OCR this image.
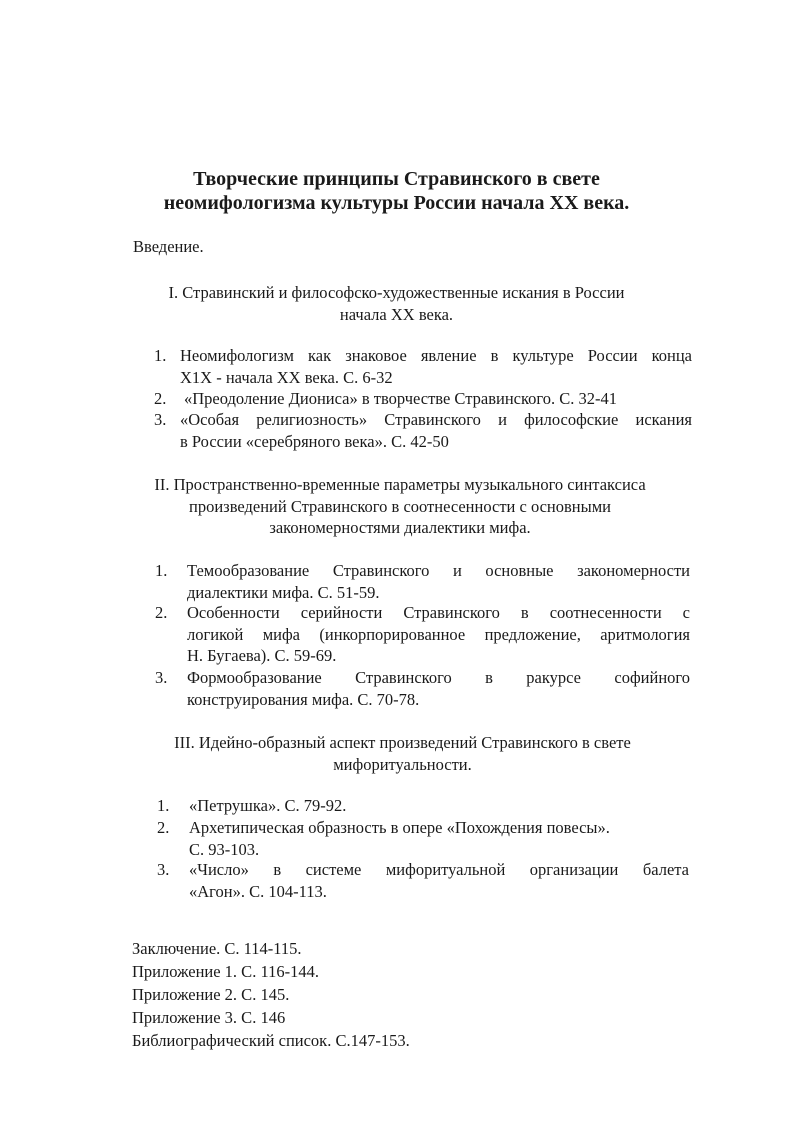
Творческие принципы Стравинского в свете
неомифологизма культуры России начала XX века.
Введение.
I. Стравинский и философско-художественные искания в России
начала XX века.
1. Неомифологизм как знаковое явление в культуре России конца
X1X - начала XX века. С. 6-32
2. «Преодоление Диониса» в творчестве Стравинского. С. 32-41
3. «Особая религиозность» Стравинского и философские искания
в России «серебряного века». С. 42-50
II. Пространственно-временные параметры музыкального синтаксиса
произведений Стравинского в соотнесенности с основными
закономерностями диалектики мифа.
1. Темообразование Стравинского и основные закономерности
диалектики мифа. С. 51-59.
2. Особенности серийности Стравинского в соотнесенности с
логикой мифа (инкорпорированное предложение, аритмология
Н. Бугаева). С. 59-69.
3. Формообразование Стравинского в ракурсе софийного
конструирования мифа. С. 70-78.
III. Идейно-образный аспект произведений Стравинского в свете
мифоритуальности.
1. «Петрушка». С. 79-92.
2. Архетипическая образность в опере «Похождения повесы».
С. 93-103.
3. «Число» в системе мифоритуальной организации балета
«Агон». С. 104-113.
Заключение. С. 114-115.
Приложение 1. С. 116-144.
Приложение 2. С. 145.
Приложение 3. С. 146
Библиографический список. С.147-153.
